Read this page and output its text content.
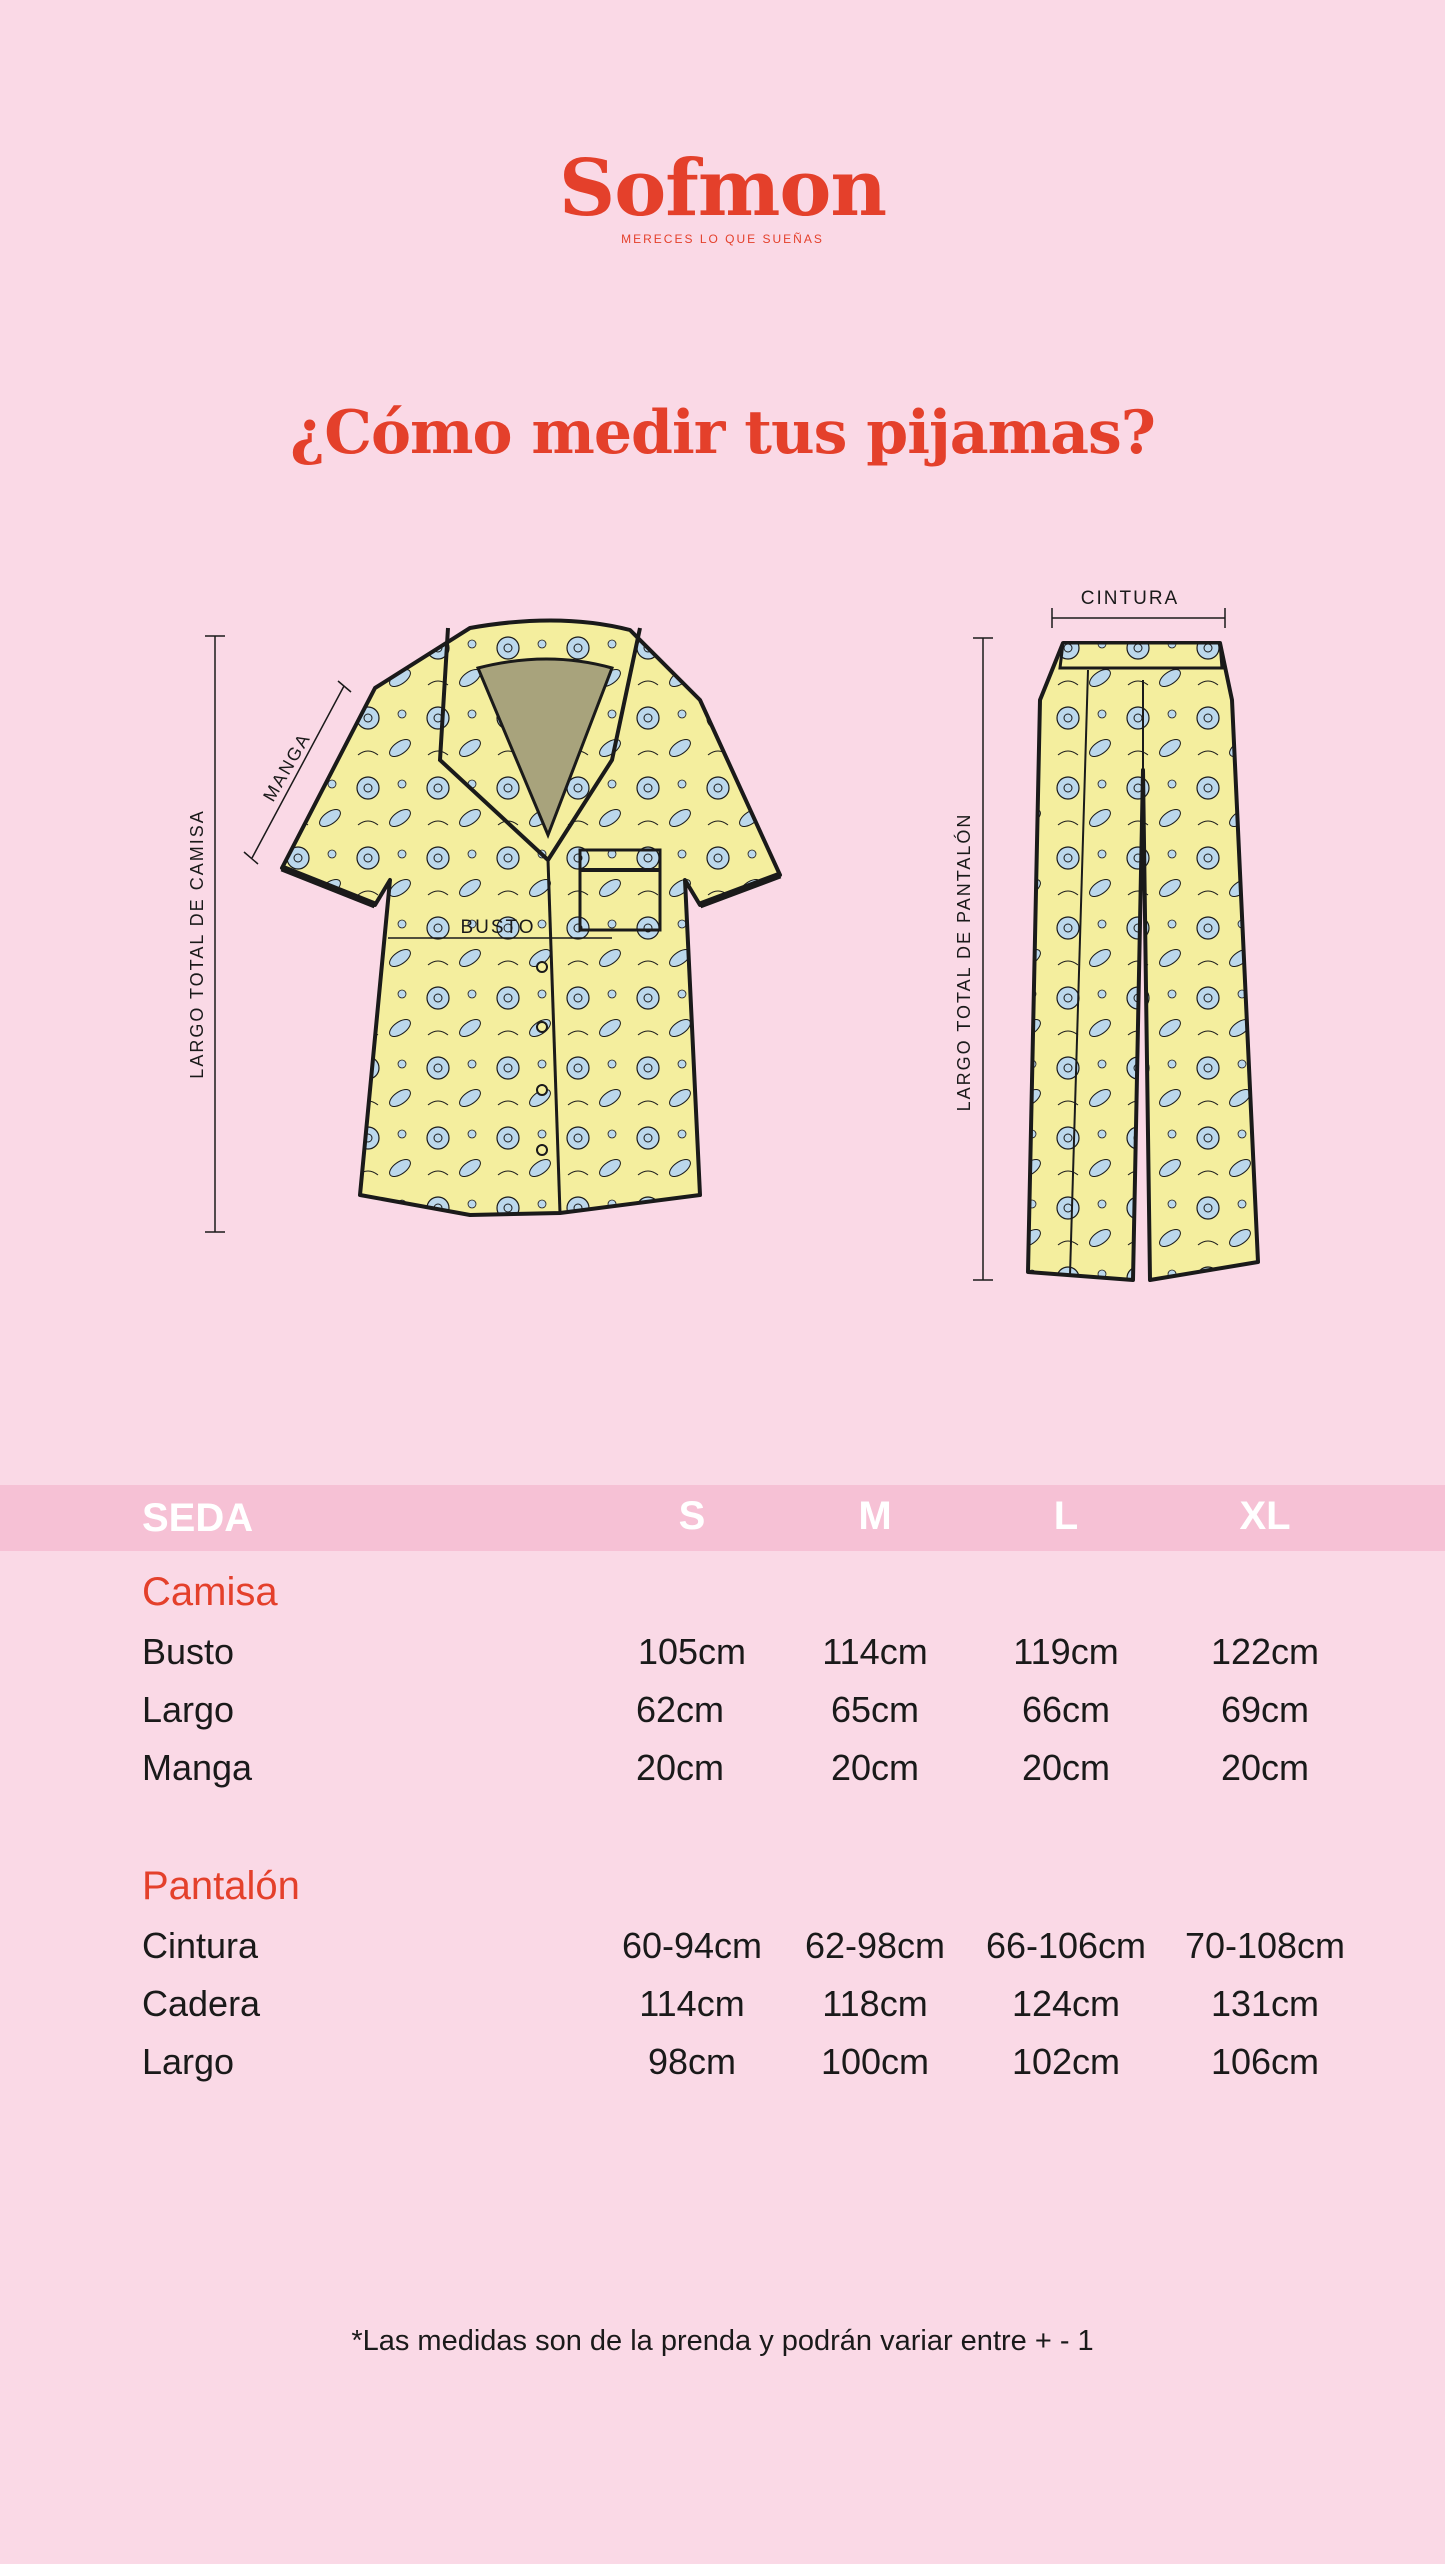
Sofmon
MERECES LO QUE SUEÑAS
¿Cómo medir tus pijamas?
LARGO TOTAL DE CAMISA
MANGA
BUSTO
CINTURA
LARGO TOTAL DE PANTALÓN
SEDA	S	M	L	XL
Camisa
Busto	105cm	114cm	119cm	122cm
Largo	62cm	65cm	66cm	69cm
Manga	20cm	20cm	20cm	20cm
Pantalón
Cintura	60-94cm	62-98cm	66-106cm	70-108cm
Cadera	114cm	118cm	124cm	131cm
Largo	98cm	100cm	102cm	106cm
*Las medidas son de la prenda y podrán variar entre + - 1
